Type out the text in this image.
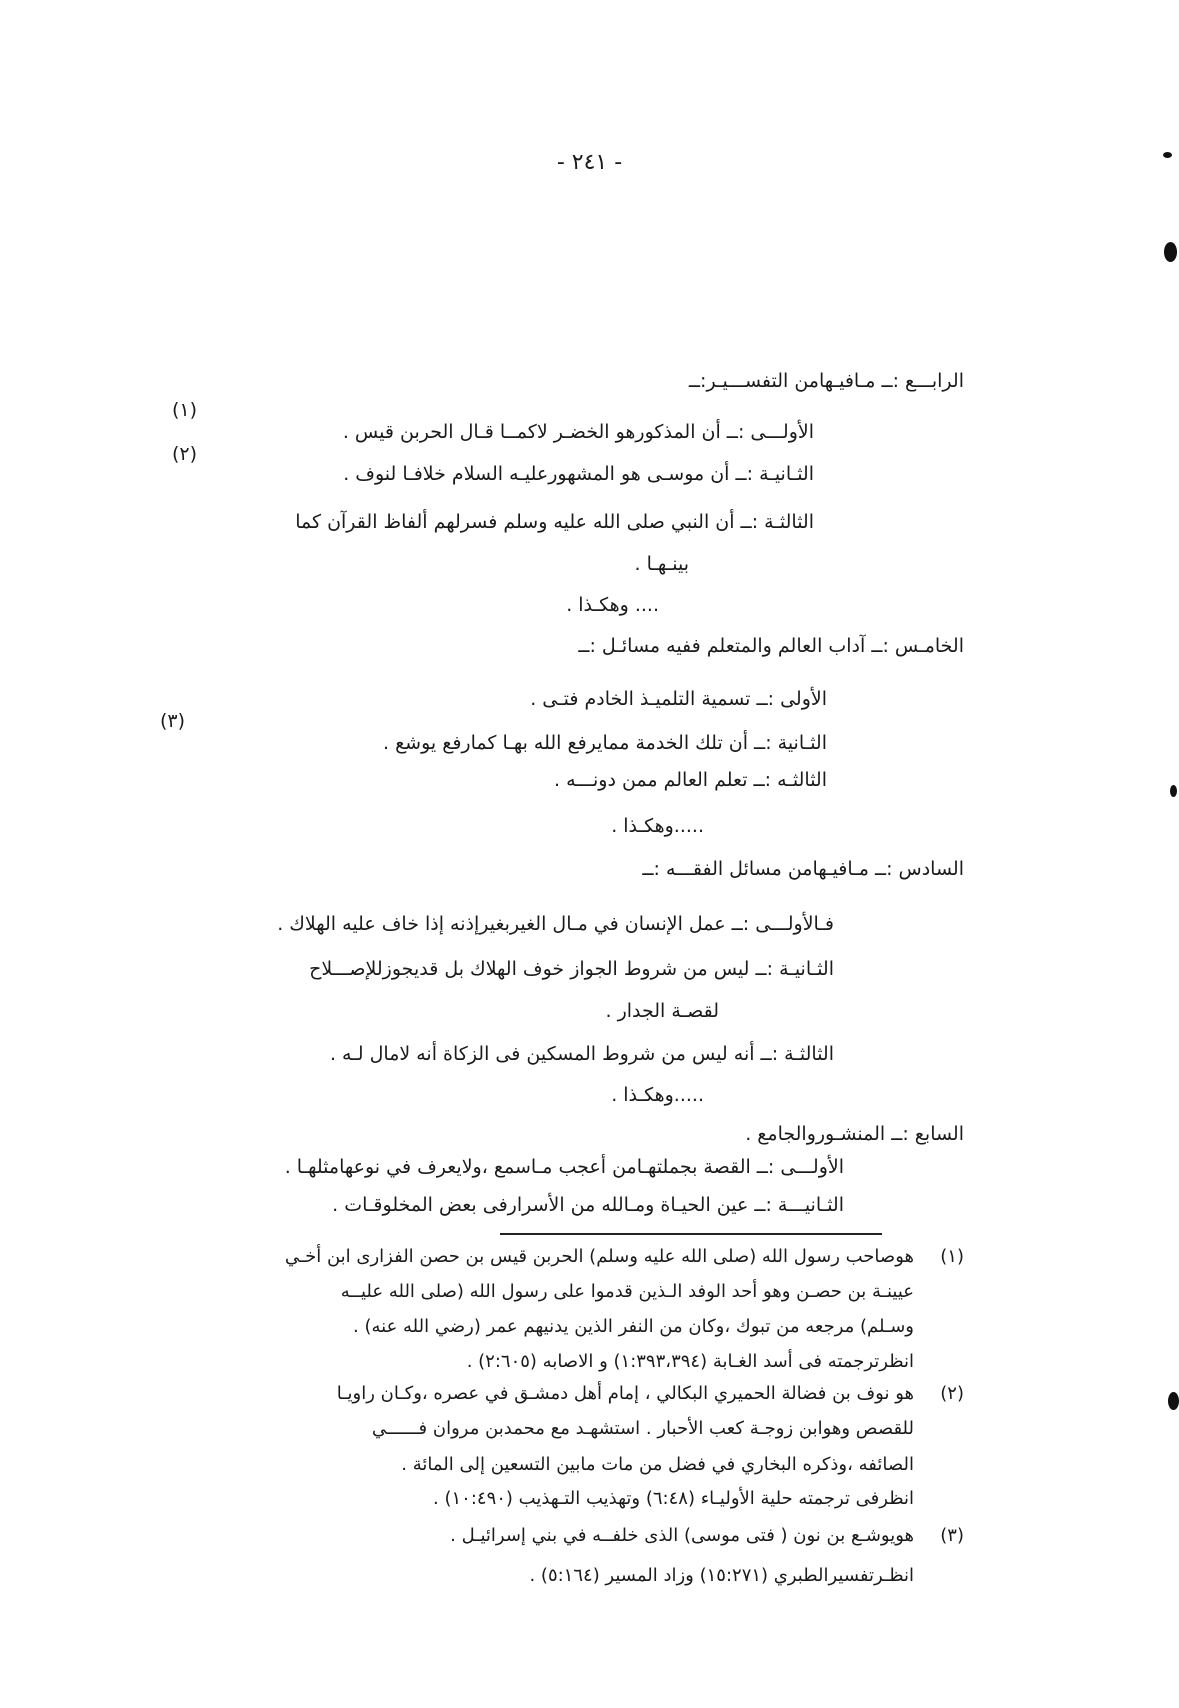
- ٢٤١ -
الرابـــع :ــ مـافيـهامن التفســـيـر:ــ
(١)
الأولـــى :ــ أن المذكورهو الخضـر لاكمــا قـال الحربن قيس .
(٢)
الثـانيـة :ــ أن موسـى هو المشهورعليـه السلام خلافـا لنوف .
الثالثـة :ــ أن النبي صلى الله عليه وسلم فسرلهم ألفاظ القرآن كما
بينـهـا .
.... وهكـذا .
الخامـس :ــ آداب العالم والمتعلم ففيه مسائـل :ــ
(٣)
الأولى :ــ تسمية التلميـذ الخادم فتـى .
الثـانية :ــ أن تلك الخدمة ممايرفع الله بهـا كمارفع يوشع .
الثالثـه :ــ تعلم العالم ممن دونـــه .
.....وهكـذا .
السادس :ــ مـافيـهامن مسائل الفقـــه :ــ
فـالأولـــى :ــ عمل الإنسان في مـال الغيربغيرإذنه إذا خاف عليه الهلاك .
الثـانيـة :ــ ليس من شروط الجواز خوف الهلاك بل قديجوزللإصـــلاح
لقصـة الجدار .
الثالثـة :ــ أنه ليس من شروط المسكين فى الزكاة أنه لامال لـه .
.....وهكـذا .
السابع :ــ المنشـوروالجامع .
الأولـــى :ــ القصة بجملتهـامن أعجب مـاسمع ،ولايعرف في نوعهامثلهـا .
الثـانيـــة :ــ عين الحيـاة ومـالله من الأسرارفى بعض المخلوقـات .
(١)
هوصاحب رسول الله (صلى الله عليه وسلم) الحربن قيس بن حصن الفزارى ابن أخـي
عيينـة بن حصـن وهو أحد الوفد الـذين قدموا على رسول الله (صلى الله عليــه
وسـلم) مرجعه من تبوك ،وكان من النفر الذين يدنيهم عمر (رضي الله عنه) .
انظرترجمته فى أسد الغـابة (١:٣٩٣،٣٩٤) و الاصابه (٢:٦٠٥) .
(٢)
هو نوف بن فضالة الحميري البكالي ، إمام أهل دمشـق في عصره ،وكـان راويـا
للقصص وهوابن زوجـة كعب الأحبار . استشهـد مع محمدبن مروان فــــــي
الصائفه ،وذكره البخاري في فضل من مات مابين التسعين إلى المائة .
انظرفى ترجمته حلية الأوليـاء (٦:٤٨) وتهذيب التـهذيب (١٠:٤٩٠) .
(٣)
هويوشـع بن نون ( فتى موسى) الذى خلفــه في بني إسرائيـل .
انظـرتفسيرالطبري (١٥:٢٧١) وزاد المسير (٥:١٦٤) .
